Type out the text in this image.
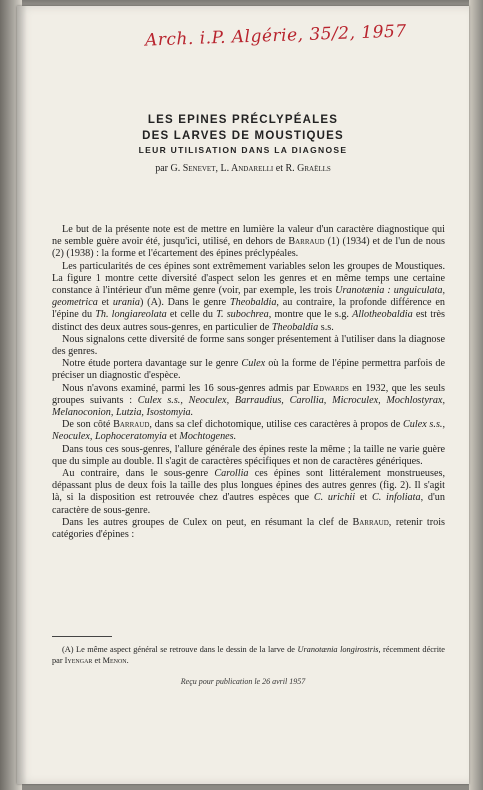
Arch. i.P. Algérie, 35/2, 1957
LES EPINES PRÉCLYPÉALES
DES LARVES DE MOUSTIQUES
LEUR UTILISATION DANS LA DIAGNOSE
par G. Senevet, L. Andarelli et R. Graëlls

Le but de la présente note est de mettre en lumière la valeur d'un caractère diagnostique qui ne semble guère avoir été, jusqu'ici, utilisé, en dehors de Barraud (1) (1934) et de l'un de nous (2) (1938) : la forme et l'écartement des épines préclypéales.

Les particularités de ces épines sont extrêmement variables selon les groupes de Moustiques. La figure 1 montre cette diversité d'aspect selon les genres et en même temps une certaine constance à l'intérieur d'un même genre (voir, par exemple, les trois Uranotænia : unguiculata, geometrica et urania) (A). Dans le genre Theobaldia, au contraire, la profonde différence en l'épine du Th. longiareolata et celle du T. subochrea, montre que le s.g. Allotheobaldia est très distinct des deux autres sous-genres, en particulier de Theobaldia s.s.

Nous signalons cette diversité de forme sans songer présentement à l'utiliser dans la diagnose des genres.

Notre étude portera davantage sur le genre Culex où la forme de l'épine permettra parfois de préciser un diagnostic d'espèce.

Nous n'avons examiné, parmi les 16 sous-genres admis par Edwards en 1932, que les seuls groupes suivants : Culex s.s., Neoculex, Barraudius, Carollia, Microculex, Mochlostyrax, Melanoconion, Lutzia, Isostomyia.

De son côté Barraud, dans sa clef dichotomique, utilise ces caractères à propos de Culex s.s., Neoculex, Lophoceratomyia et Mochtogenes.

Dans tous ces sous-genres, l'allure générale des épines reste la même ; la taille ne varie guère que du simple au double. Il s'agit de caractères spécifiques et non de caractères génériques.

Au contraire, dans le sous-genre Carollia ces épines sont littéralement monstrueuses, dépassant plus de deux fois la taille des plus longues épines des autres genres (fig. 2). Il s'agit là, si la disposition est retrouvée chez d'autres espèces que C. urichii et C. infoliata, d'un caractère de sous-genre.

Dans les autres groupes de Culex on peut, en résumant la clef de Barraud, retenir trois catégories d'épines :

(A) Le même aspect général se retrouve dans le dessin de la larve de Uranotænia longirostris, récemment décrite par Iyengar et Menon.
Reçu pour publication le 26 avril 1957
